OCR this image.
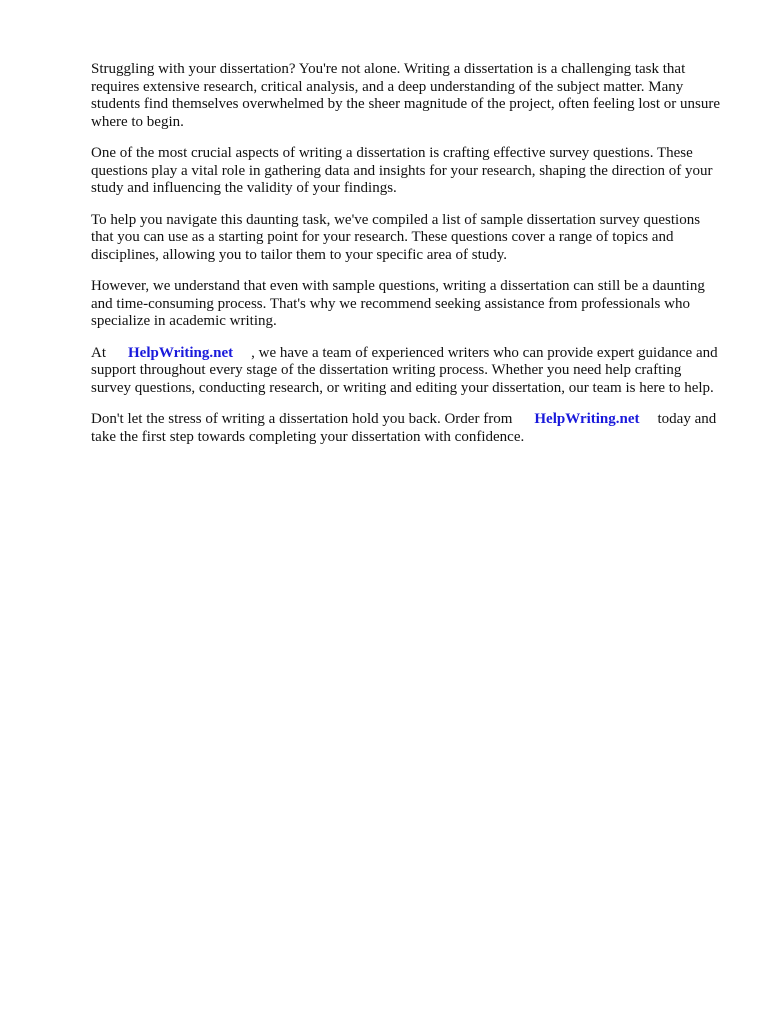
Struggling with your dissertation? You're not alone. Writing a dissertation is a challenging task that requires extensive research, critical analysis, and a deep understanding of the subject matter. Many students find themselves overwhelmed by the sheer magnitude of the project, often feeling lost or unsure where to begin.

One of the most crucial aspects of writing a dissertation is crafting effective survey questions. These questions play a vital role in gathering data and insights for your research, shaping the direction of your study and influencing the validity of your findings.

To help you navigate this daunting task, we've compiled a list of sample dissertation survey questions that you can use as a starting point for your research. These questions cover a range of topics and disciplines, allowing you to tailor them to your specific area of study.

However, we understand that even with sample questions, writing a dissertation can still be a daunting and time-consuming process. That's why we recommend seeking assistance from professionals who specialize in academic writing.

At HelpWriting.net , we have a team of experienced writers who can provide expert guidance and support throughout every stage of the dissertation writing process. Whether you need help crafting survey questions, conducting research, or writing and editing your dissertation, our team is here to help.

Don't let the stress of writing a dissertation hold you back. Order from HelpWriting.net today and take the first step towards completing your dissertation with confidence.
